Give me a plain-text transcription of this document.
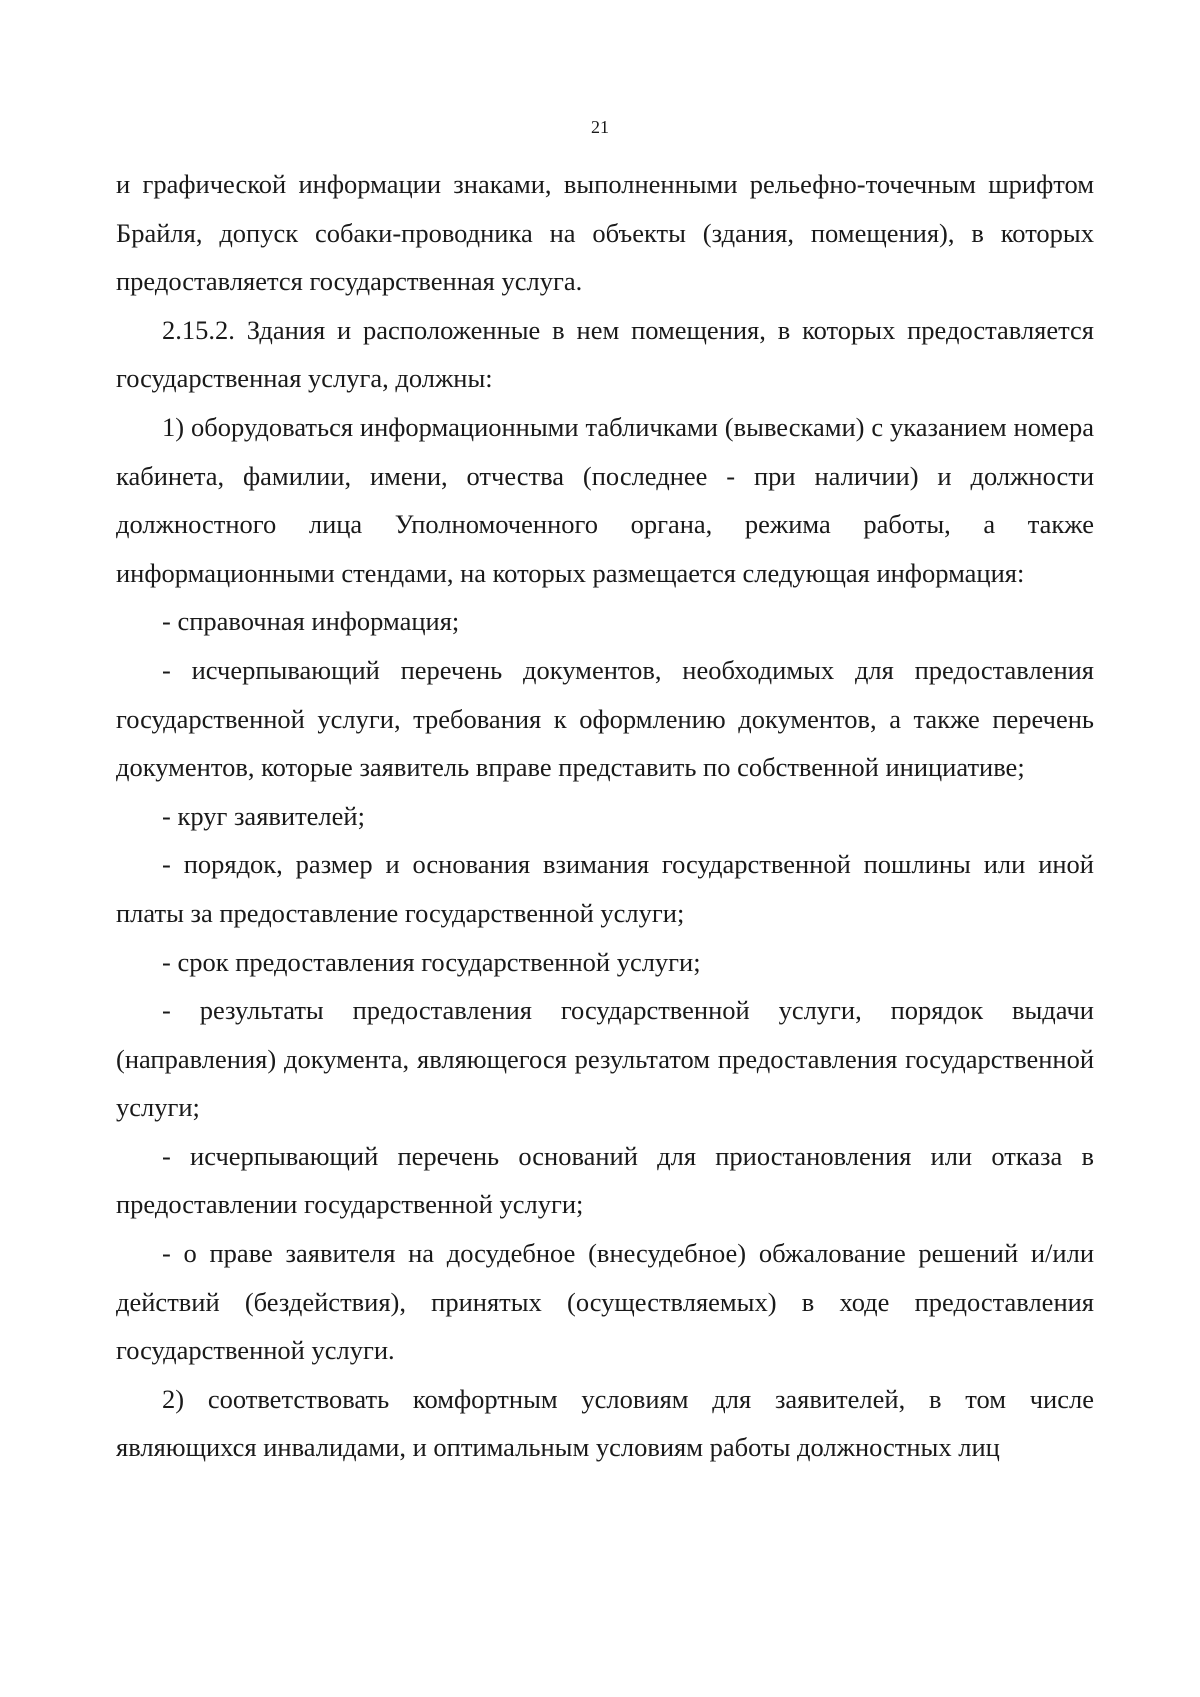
21

и графической информации знаками, выполненными рельефно-точечным шрифтом Брайля, допуск собаки-проводника на объекты (здания, помещения), в которых предоставляется государственная услуга.

2.15.2. Здания и расположенные в нем помещения, в которых предоставляется государственная услуга, должны:

1) оборудоваться информационными табличками (вывесками) с указанием номера кабинета, фамилии, имени, отчества (последнее - при наличии) и должности должностного лица Уполномоченного органа, режима работы, а также информационными стендами, на которых размещается следующая информация:

- справочная информация;

- исчерпывающий перечень документов, необходимых для предоставления государственной услуги, требования к оформлению документов, а также перечень документов, которые заявитель вправе представить по собственной инициативе;

- круг заявителей;

- порядок, размер и основания взимания государственной пошлины или иной платы за предоставление государственной услуги;

- срок предоставления государственной услуги;

- результаты предоставления государственной услуги, порядок выдачи (направления) документа, являющегося результатом предоставления государственной услуги;

- исчерпывающий перечень оснований для приостановления или отказа в предоставлении государственной услуги;

- о праве заявителя на досудебное (внесудебное) обжалование решений и/или действий (бездействия), принятых (осуществляемых) в ходе предоставления государственной услуги.

2) соответствовать комфортным условиям для заявителей, в том числе являющихся инвалидами, и оптимальным условиям работы должностных лиц
